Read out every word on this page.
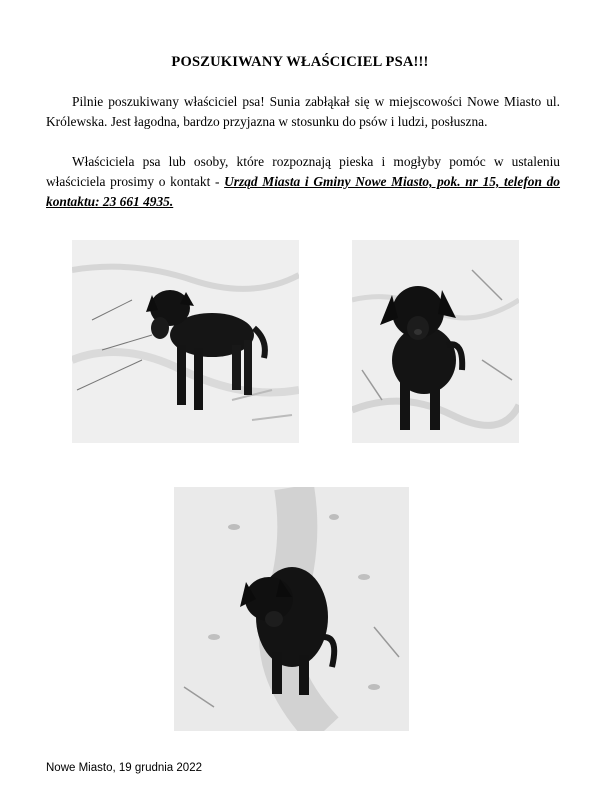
POSZUKIWANY WŁAŚCICIEL PSA!!!

Pilnie poszukiwany właściciel psa! Sunia zabłąkał się w miejscowości Nowe Miasto ul. Królewska. Jest łagodna, bardzo przyjazna w stosunku do psów i ludzi, posłuszna.

Właściciela psa lub osoby, które rozpoznają pieska i mogłyby pomóc w ustaleniu właściciela prosimy o kontakt - Urząd Miasta i Gminy Nowe Miasto, pok. nr 15, telefon do kontaktu: 23 661 4935.

Nowe Miasto, 19 grudnia 2022
